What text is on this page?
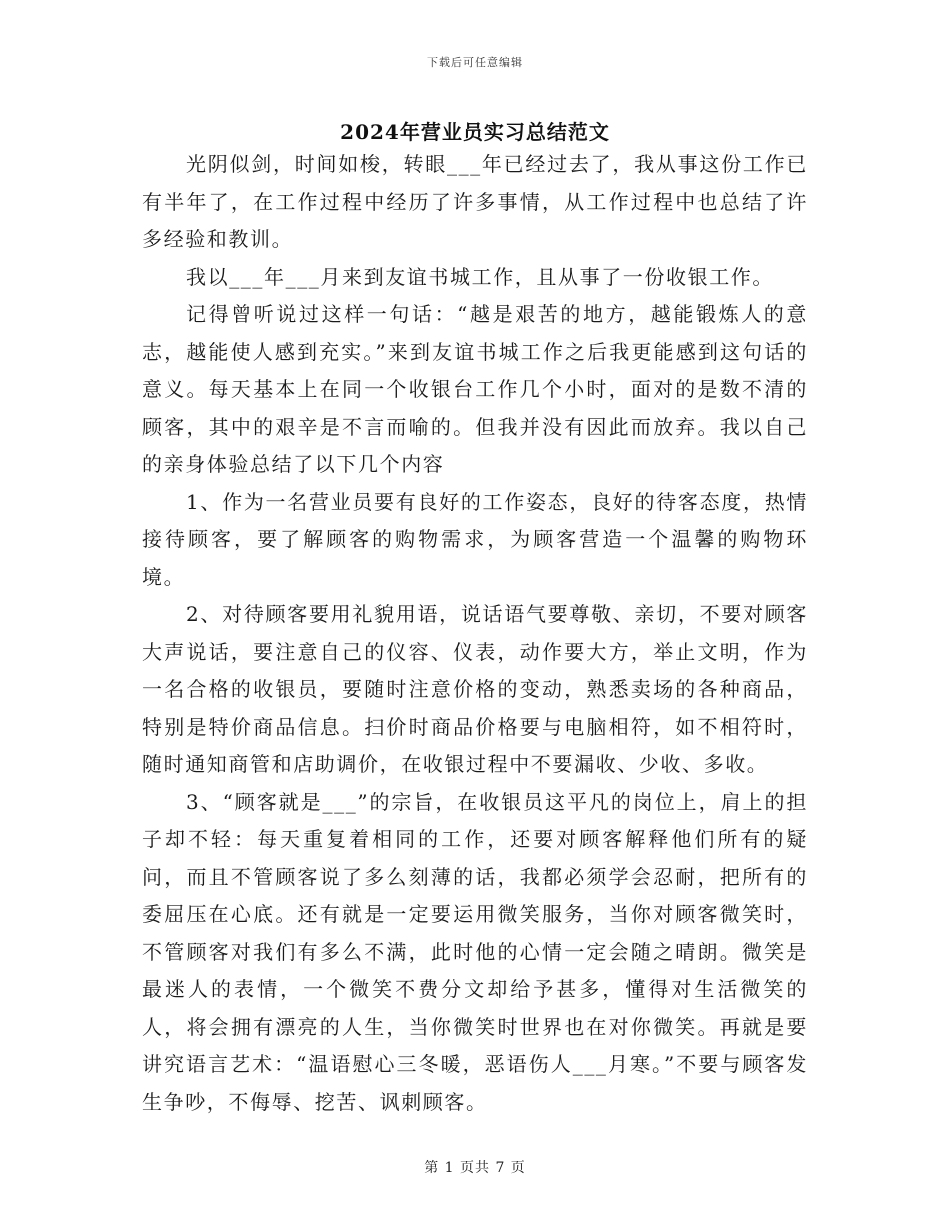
下载后可任意编辑
2024年营业员实习总结范文

光阴似剑，时间如梭，转眼___年已经过去了，我从事这份工作已有半年了，在工作过程中经历了许多事情，从工作过程中也总结了许多经验和教训。

我以___年___月来到友谊书城工作，且从事了一份收银工作。

记得曾听说过这样一句话：“越是艰苦的地方，越能锻炼人的意志，越能使人感到充实。”来到友谊书城工作之后我更能感到这句话的意义。每天基本上在同一个收银台工作几个小时，面对的是数不清的顾客，其中的艰辛是不言而喻的。但我并没有因此而放弃。我以自己的亲身体验总结了以下几个内容

1、作为一名营业员要有良好的工作姿态，良好的待客态度，热情接待顾客，要了解顾客的购物需求，为顾客营造一个温馨的购物环境。

2、对待顾客要用礼貌用语，说话语气要尊敬、亲切，不要对顾客大声说话，要注意自己的仪容、仪表，动作要大方，举止文明，作为一名合格的收银员，要随时注意价格的变动，熟悉卖场的各种商品，特别是特价商品信息。扫价时商品价格要与电脑相符，如不相符时，随时通知商管和店助调价，在收银过程中不要漏收、少收、多收。

3、“顾客就是___”的宗旨，在收银员这平凡的岗位上，肩上的担子却不轻：每天重复着相同的工作，还要对顾客解释他们所有的疑问，而且不管顾客说了多么刻薄的话，我都必须学会忍耐，把所有的委屈压在心底。还有就是一定要运用微笑服务，当你对顾客微笑时，不管顾客对我们有多么不满，此时他的心情一定会随之晴朗。微笑是最迷人的表情，一个微笑不费分文却给予甚多，懂得对生活微笑的人，将会拥有漂亮的人生，当你微笑时世界也在对你微笑。再就是要讲究语言艺术：“温语慰心三冬暖，恶语伤人___月寒。”不要与顾客发生争吵，不侮辱、挖苦、讽刺顾客。

第 1 页共 7 页
